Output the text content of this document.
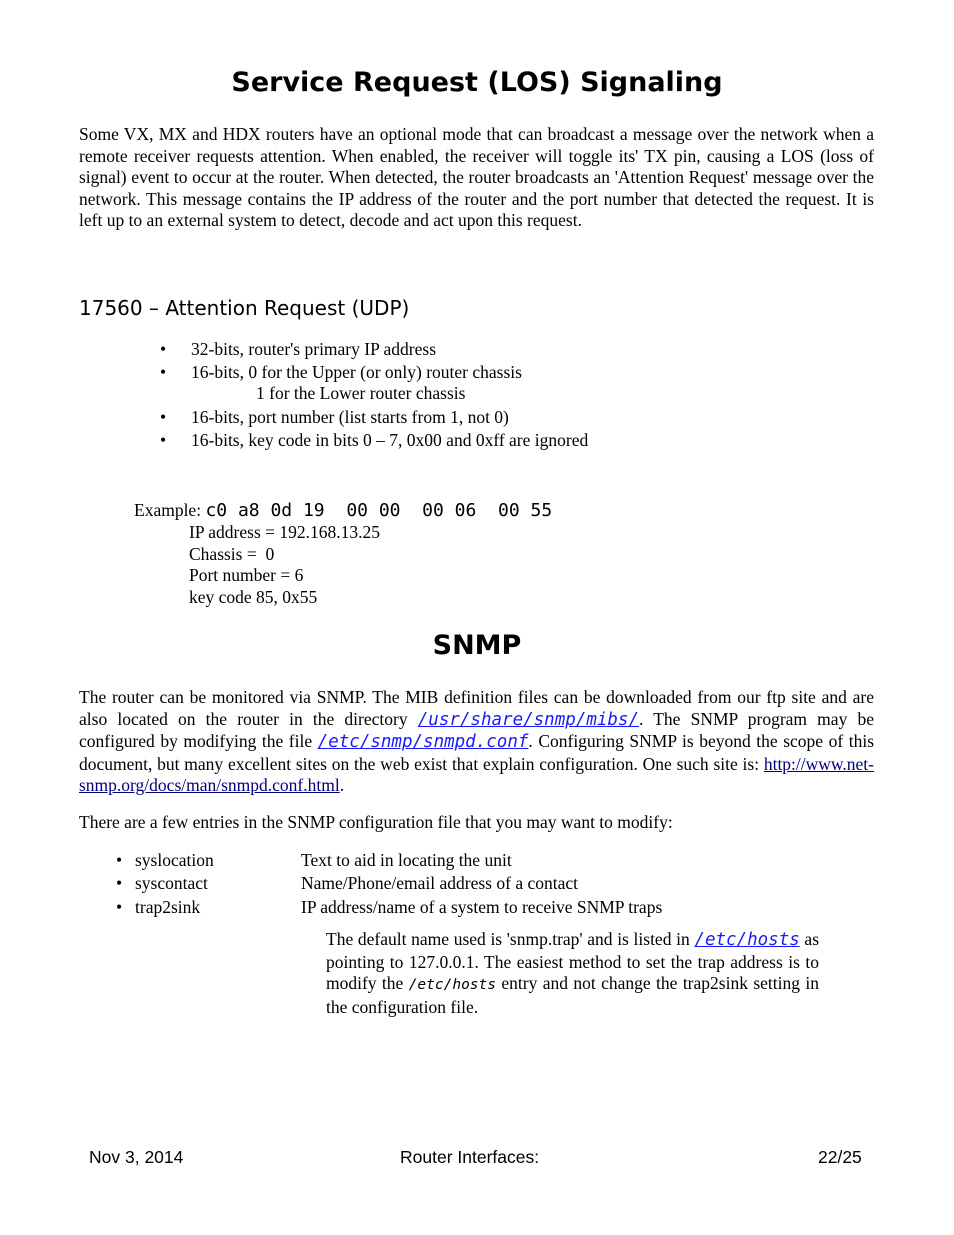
Service Request (LOS) Signaling
Some VX, MX and HDX routers have an optional mode that can broadcast a message over the network when a remote receiver requests attention. When enabled, the receiver will toggle its' TX pin, causing a LOS (loss of signal) event to occur at the router. When detected, the router broadcasts an 'Attention Request' message over the network. This message contains the IP address of the router and the port number that detected the request. It is left up to an external system to detect, decode and act upon this request.
17560 – Attention Request (UDP)
• 32-bits, router's primary IP address
• 16-bits, 0 for the Upper (or only) router chassis
1 for the Lower router chassis
• 16-bits, port number (list starts from 1, not 0)
• 16-bits, key code in bits 0 – 7, 0x00 and 0xff are ignored
Example: c0 a8 0d 19  00 00  00 06  00 55
IP address = 192.168.13.25
Chassis =  0
Port number = 6
key code 85, 0x55
SNMP
The router can be monitored via SNMP. The MIB definition files can be downloaded from our ftp site and are also located on the router in the directory /usr/share/snmp/mibs/. The SNMP program may be configured by modifying the file /etc/snmp/snmpd.conf. Configuring SNMP is beyond the scope of this document, but many excellent sites on the web exist that explain configuration. One such site is: http://www.net-snmp.org/docs/man/snmpd.conf.html.
There are a few entries in the SNMP configuration file that you may want to modify:
• syslocation	Text to aid in locating the unit
• syscontact	Name/Phone/email address of a contact
• trap2sink	IP address/name of a system to receive SNMP traps
The default name used is 'snmp.trap' and is listed in /etc/hosts as pointing to 127.0.0.1. The easiest method to set the trap address is to modify the /etc/hosts entry and not change the trap2sink setting in the configuration file.
Nov 3, 2014	Router Interfaces:	22/25
